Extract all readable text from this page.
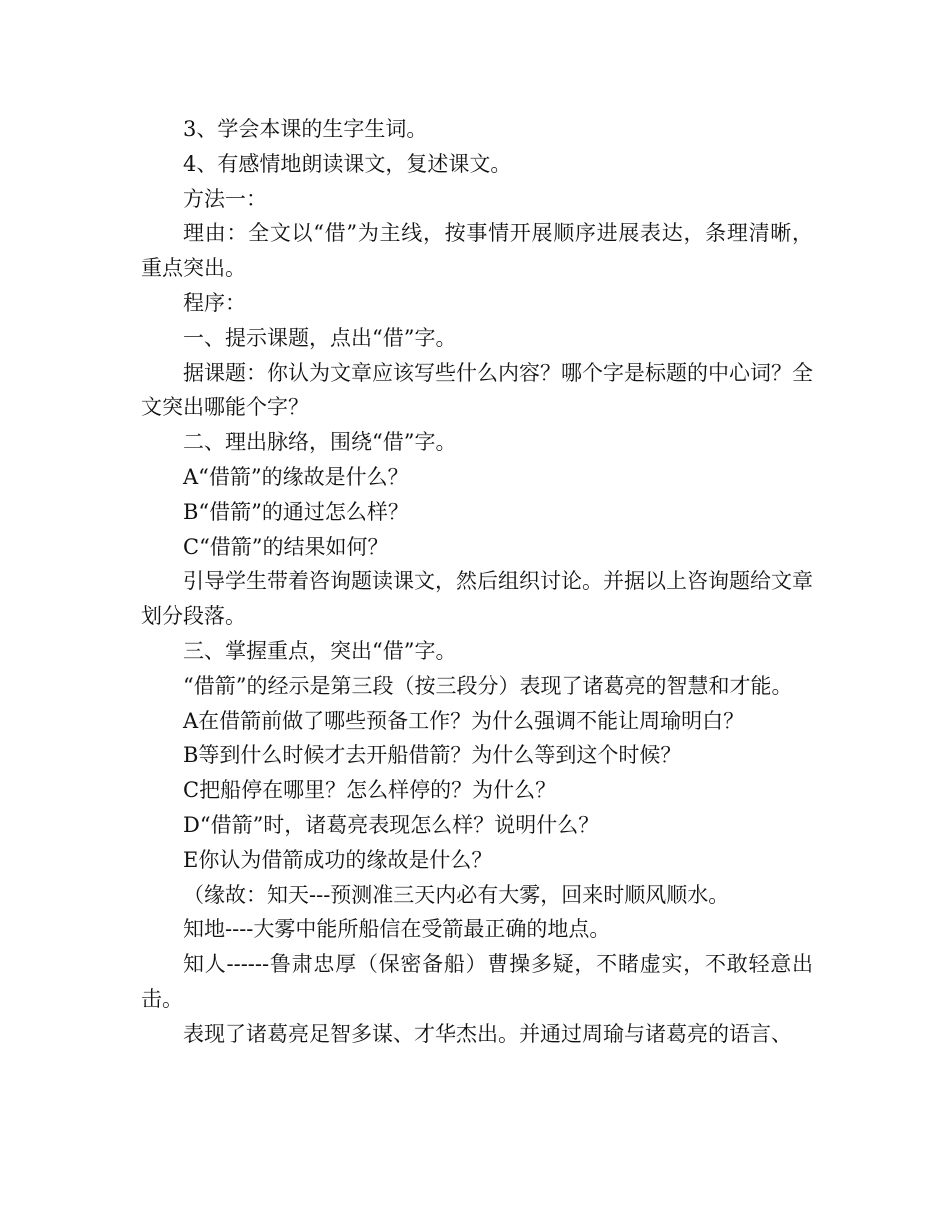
3、学会本课的生字生词。

4、有感情地朗读课文，复述课文。

方法一：

理由：全文以“借”为主线，按事情开展顺序进展表达，条理清晰，重点突出。

程序：

一、提示课题，点出“借”字。

据课题：你认为文章应该写些什么内容？哪个字是标题的中心词？全文突出哪能个字？

二、理出脉络，围绕“借”字。

A“借箭”的缘故是什么？

B“借箭”的通过怎么样？

C“借箭”的结果如何？

引导学生带着咨询题读课文，然后组织讨论。并据以上咨询题给文章划分段落。

三、掌握重点，突出“借”字。

“借箭”的经示是第三段（按三段分）表现了诸葛亮的智慧和才能。

A在借箭前做了哪些预备工作？为什么强调不能让周瑜明白？

B等到什么时候才去开船借箭？为什么等到这个时候？

C把船停在哪里？怎么样停的？为什么？

D“借箭”时，诸葛亮表现怎么样？说明什么？

E你认为借箭成功的缘故是什么？

（缘故：知天---预测准三天内必有大雾，回来时顺风顺水。

知地----大雾中能所船信在受箭最正确的地点。

知人------鲁肃忠厚（保密备船）曹操多疑，不睹虚实，不敢轻意出击。

表现了诸葛亮足智多谋、才华杰出。并通过周瑜与诸葛亮的语言、
